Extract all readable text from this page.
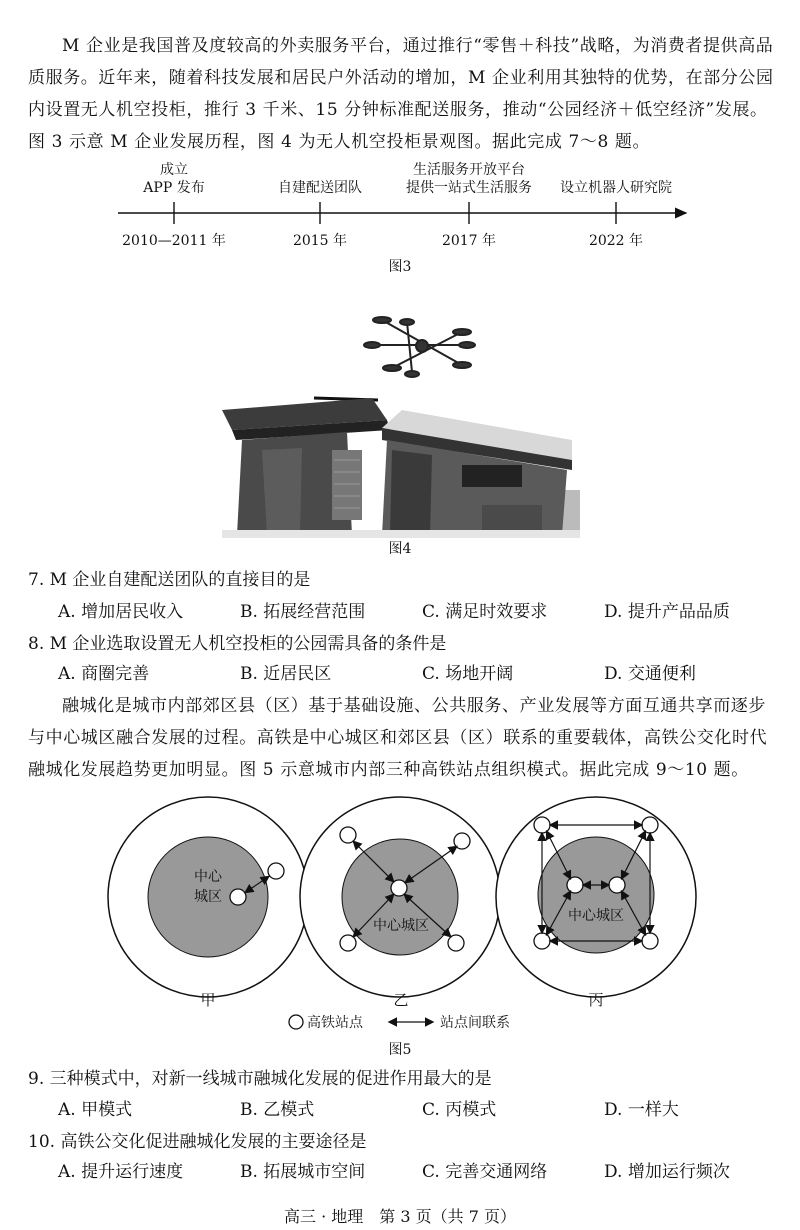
M 企业是我国普及度较高的外卖服务平台，通过推行“零售＋科技”战略，为消费者提供高品质服务。近年来，随着科技发展和居民户外活动的增加，M 企业利用其独特的优势，在部分公园内设置无人机空投柜，推行 3 千米、15 分钟标准配送服务，推动“公园经济＋低空经济”发展。图 3 示意 M 企业发展历程，图 4 为无人机空投柜景观图。据此完成 7～8 题。
成立
APP 发布	自建配送团队
生活服务开放平台
提供一站式生活服务	设立机器人研究院
2010—2011 年	2015 年	2017 年	2022 年
图3
图4
7. M 企业自建配送团队的直接目的是
A. 增加居民收入	B. 拓展经营范围	C. 满足时效要求	D. 提升产品品质
8. M 企业选取设置无人机空投柜的公园需具备的条件是
A. 商圈完善	B. 近居民区	C. 场地开阔	D. 交通便利
融城化是城市内部郊区县（区）基于基础设施、公共服务、产业发展等方面互通共享而逐步与中心城区融合发展的过程。高铁是中心城区和郊区县（区）联系的重要载体，高铁公交化时代融城化发展趋势更加明显。图 5 示意城市内部三种高铁站点组织模式。据此完成 9～10 题。
中心
城区
中心城区
中心城区
甲	乙	丙
高铁站点	站点间联系
图5
9. 三种模式中，对新一线城市融城化发展的促进作用最大的是
A. 甲模式	B. 乙模式	C. 丙模式	D. 一样大
10. 高铁公交化促进融城化发展的主要途径是
A. 提升运行速度	B. 拓展城市空间	C. 完善交通网络	D. 增加运行频次
高三 · 地理　第 3 页（共 7 页）
